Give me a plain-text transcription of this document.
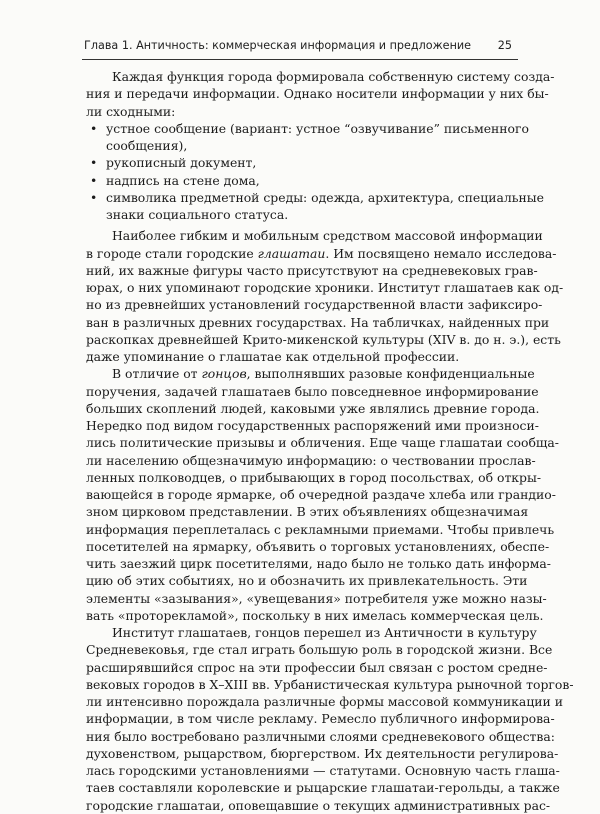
Глава 1. Античность: коммерческая информация и предложение 25
Каждая функция города формировала собственную систему созда-
ния и передачи информации. Однако носители информации у них бы-
ли сходными:
• устное сообщение (вариант: устное “озвучивание” письменного
сообщения),
• рукописный документ,
• надпись на стене дома,
• символика предметной среды: одежда, архитектура, специальные
знаки социального статуса.
Наиболее гибким и мобильным средством массовой информации
в городе стали городские глашатаи. Им посвящено немало исследова-
ний, их важные фигуры часто присутствуют на средневековых грав-
юрах, о них упоминают городские хроники. Институт глашатаев как од-
но из древнейших установлений государственной власти зафиксиро-
ван в различных древних государствах. На табличках, найденных при
раскопках древнейшей Крито-микенской культуры (XIV в. до н. э.), есть
даже упоминание о глашатае как отдельной профессии.
В отличие от гонцов, выполнявших разовые конфиденциальные
поручения, задачей глашатаев было повседневное информирование
больших скоплений людей, каковыми уже являлись древние города.
Нередко под видом государственных распоряжений ими произноси-
лись политические призывы и обличения. Еще чаще глашатаи сообща-
ли населению общезначимую информацию: о чествовании прослав-
ленных полководцев, о прибывающих в город посольствах, об откры-
вающейся в городе ярмарке, об очередной раздаче хлеба или грандио-
зном цирковом представлении. В этих объявлениях общезначимая
информация переплеталась с рекламными приемами. Чтобы привлечь
посетителей на ярмарку, объявить о торговых установлениях, обеспе-
чить заезжий цирк посетителями, надо было не только дать информа-
цию об этих событиях, но и обозначить их привлекательность. Эти
элементы «зазывания», «увещевания» потребителя уже можно назы-
вать «проторекламой», поскольку в них имелась коммерческая цель.
Институт глашатаев, гонцов перешел из Античности в культуру
Средневековья, где стал играть большую роль в городской жизни. Все
расширявшийся спрос на эти профессии был связан с ростом средне-
вековых городов в X–XIII вв. Урбанистическая культура рыночной торгов-
ли интенсивно порождала различные формы массовой коммуникации и
информации, в том числе рекламу. Ремесло публичного информирова-
ния было востребовано различными слоями средневекового общества:
духовенством, рыцарством, бюргерством. Их деятельности регулирова-
лась городскими установлениями — статутами. Основную часть глаша-
таев составляли королевские и рыцарские глашатаи-герольды, а также
городские глашатаи, оповещавшие о текущих административных рас-
